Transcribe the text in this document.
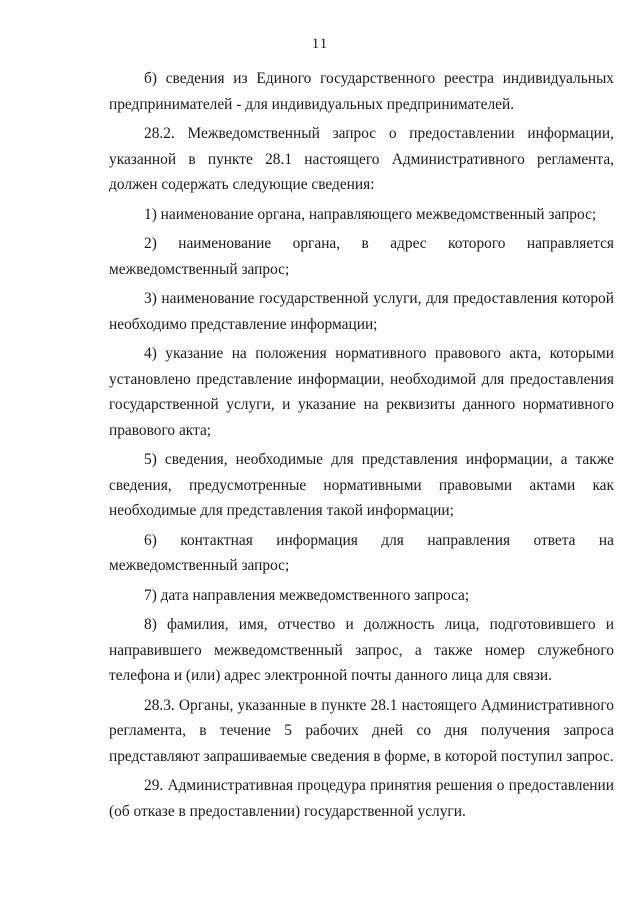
11

б) сведения из Единого государственного реестра индивидуальных предпринимателей - для индивидуальных предпринимателей.

28.2. Межведомственный запрос о предоставлении информации, указанной в пункте 28.1 настоящего Административного регламента, должен содержать следующие сведения:

1) наименование органа, направляющего межведомственный запрос;

2) наименование органа, в адрес которого направляется межведомственный запрос;

3) наименование государственной услуги, для предоставления которой необходимо представление информации;

4) указание на положения нормативного правового акта, которыми установлено представление информации, необходимой для предоставления государственной услуги, и указание на реквизиты данного нормативного правового акта;

5) сведения, необходимые для представления информации, а также сведения, предусмотренные нормативными правовыми актами как необходимые для представления такой информации;

6) контактная информация для направления ответа на межведомственный запрос;

7) дата направления межведомственного запроса;

8) фамилия, имя, отчество и должность лица, подготовившего и направившего межведомственный запрос, а также номер служебного телефона и (или) адрес электронной почты данного лица для связи.

28.3. Органы, указанные в пункте 28.1 настоящего Административного регламента, в течение 5 рабочих дней со дня получения запроса представляют запрашиваемые сведения в форме, в которой поступил запрос.

29. Административная процедура принятия решения о предоставлении (об отказе в предоставлении) государственной услуги.
